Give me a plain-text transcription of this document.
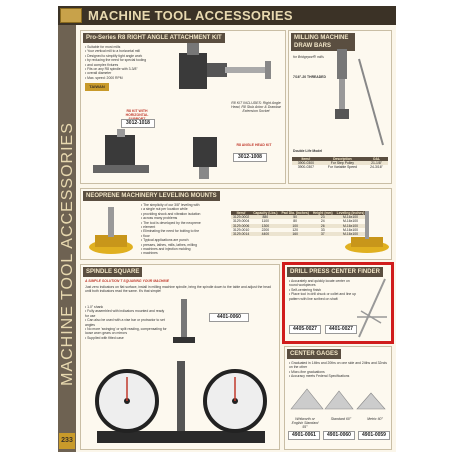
MACHINE TOOL ACCESSORIES
MACHINE TOOL ACCESSORIES
233
Pro-Series R8 RIGHT ANGLE ATTACHMENT KIT
• Suitable for most mills
• Your vertical mill to a horizontal mill
• Designed to simplify tight angle work
• by reducing the need for special tooling
• and complex fixtures
• Fits on any R8 spindle with 3-3/8"
• overall diameter
• Max. speed: 2000 RPM
TAIWAN
R8 KIT WITH HORIZONTAL
3012-1018
R8 KIT INCLUDES: Right Angle Head, R8 Stub Arbor & Drawbar Extension Socket
R8 ANGLE HEAD KIT
3012-1008
MILLING MACHINE DRAW BARS
for Bridgeport® mills
7/16"-20 THREADED
Double Life Model
Item#	Description	OAL
3900-0300	For Step Pulley	21-1/8"
3900-0307	For Variable Speed	24-3/16"
NEOPRENE MACHINERY LEVELING MOUNTS
• The simplicity of our 3/8" leveling with
• a single nut per location while
• providing shock and vibration isolation
• across many problems
• The tool is developed by the neoprene
• element
• Eliminating the need for bolting to the
• floor
• Typical applications are punch
• presses, lathes, mills, lathes, milling
• machines and injection molding
• machines
Item#	Capacity (Lbs.)	Pad Dia. (inches)	Height (mm)	Leveling (inches)
3129-0002	880	50	23	M-16x100
3129-0004	1100	80	24	M-16x100
3129-0006	1300	100	26	M-16x100
3129-0010	2200	120	33	M-16x100
3129-0014	4400	160	37	M-16x100
SPINDLE SQUARE
A SIMPLE SOLUTION T SQUARING YOUR MACHINE
Just zero indicators on flat surface, install in milling machine spindle, bring the spindle down to the table and adjust the head until both indicators read the same. It's that simple!
• 1.0" shank
• Fully assembled with indicators mounted and ready for use
• Can also be used with a vise bar or protractor to set angles
• No more 'swinging' or split reading, compensating for loose worn gears on mirrors
• Supplied with fitted case
4401-0060
DRILL PRESS CENTER FINDER
• Accurately and quickly locate center on round workpieces
• Self-centering finish
• Place tool in drill chuck or collet and line up pattern with line scribed on shaft
4405-0027	4401-0027
CENTER GAGES
• Graduated in 14ths and 20ths on one side and 24ths and 32nds on the other
• Micro-fine graduations
• Accuracy meets Federal Specifications
Whitworth or English Standard 55°
Standard 60°	Metric 60°
4901-0061	4901-0060	4901-0059
